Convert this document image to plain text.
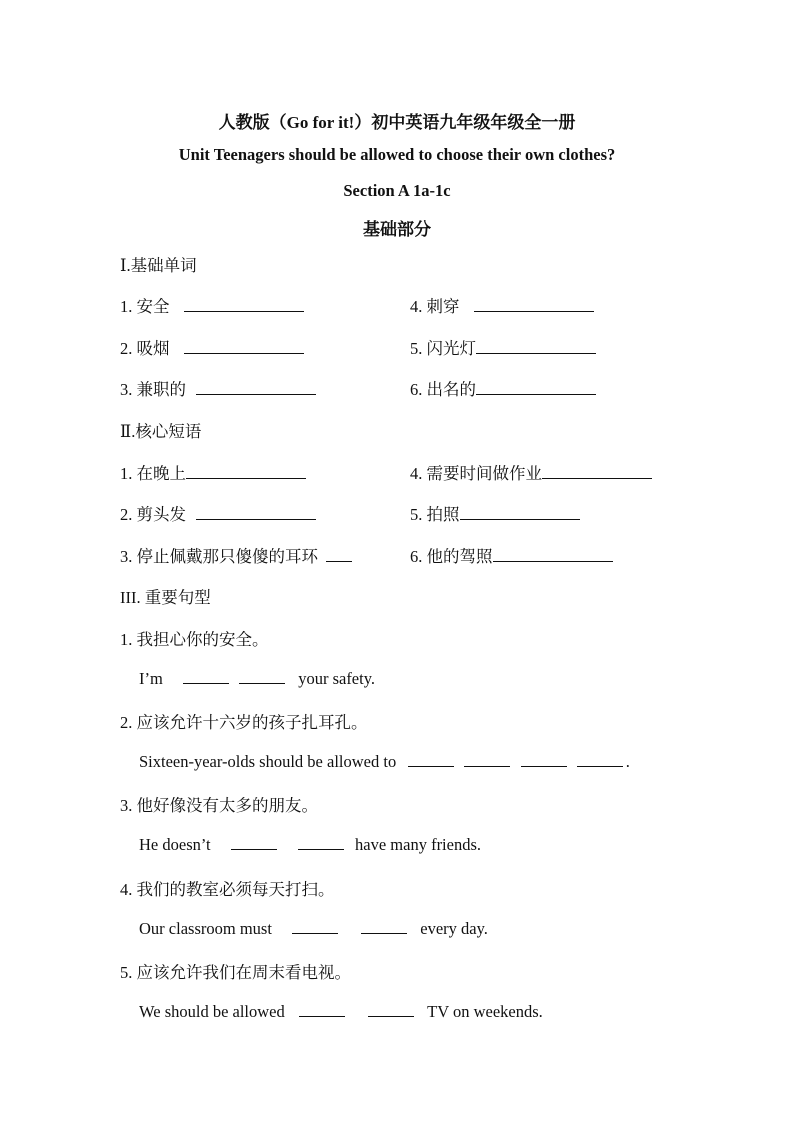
人教版（Go for it!）初中英语九年级年级全一册
Unit Teenagers should be allowed to choose their own clothes?
Section A 1a-1c
基础部分
Ⅰ.基础单词
1. 安全	4. 刺穿
2. 吸烟	5. 闪光灯
3. 兼职的	6. 出名的
Ⅱ.核心短语
1. 在晚上	4. 需要时间做作业
2. 剪头发	5. 拍照
3. 停止佩戴那只傻傻的耳环	6. 他的驾照
III. 重要句型
1. 我担心你的安全。
I’m	your safety.
2. 应该允许十六岁的孩子扎耳孔。
Sixteen-year-olds should be allowed to	.
3. 他好像没有太多的朋友。
He doesn’t	have many friends.
4. 我们的教室必须每天打扫。
Our classroom must	every day.
5. 应该允许我们在周末看电视。
We should be allowed	TV on weekends.
